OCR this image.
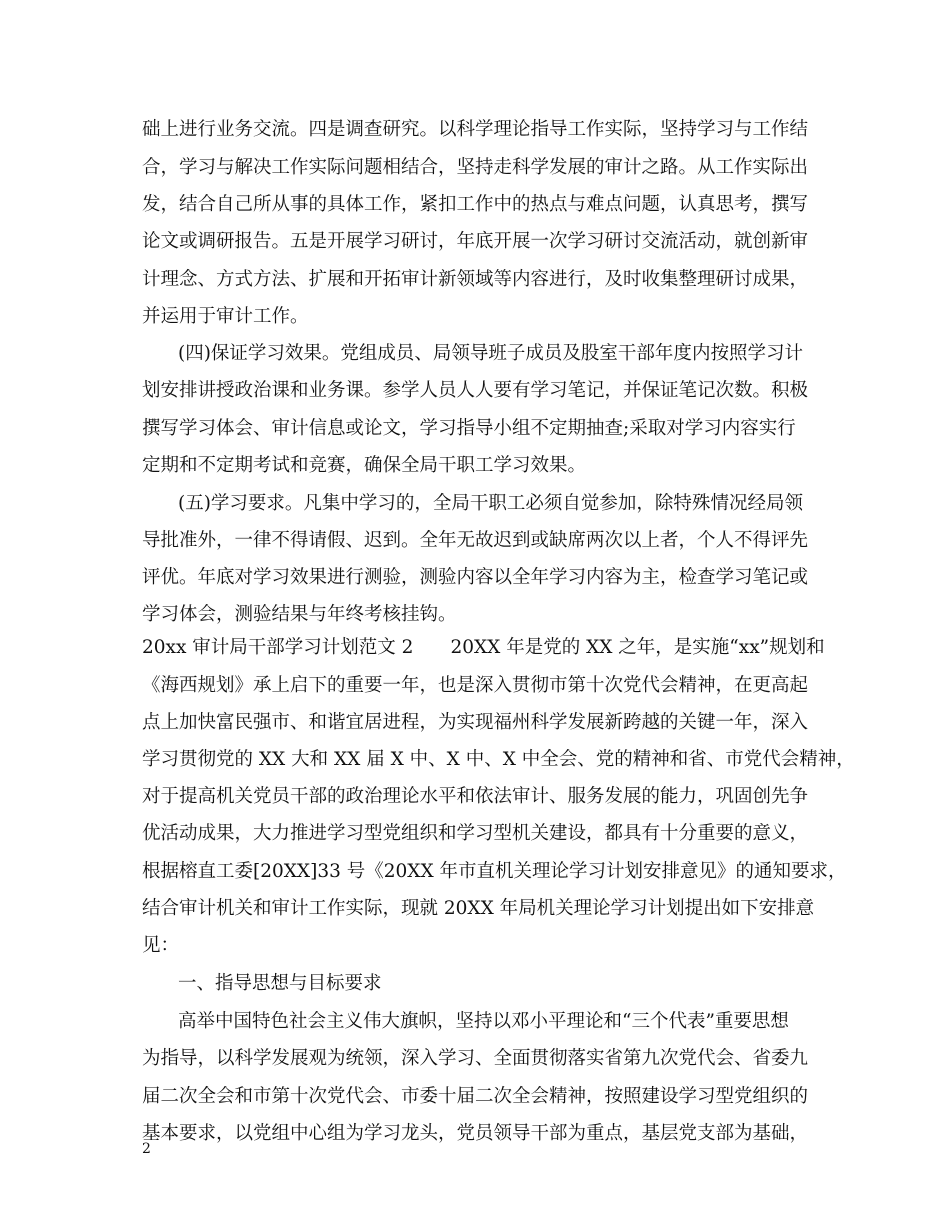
础上进行业务交流。四是调查研究。以科学理论指导工作实际，坚持学习与工作结
合，学习与解决工作实际问题相结合，坚持走科学发展的审计之路。从工作实际出
发，结合自己所从事的具体工作，紧扣工作中的热点与难点问题，认真思考，撰写
论文或调研报告。五是开展学习研讨，年底开展一次学习研讨交流活动，就创新审
计理念、方式方法、扩展和开拓审计新领域等内容进行，及时收集整理研讨成果，
并运用于审计工作。
(四)保证学习效果。党组成员、局领导班子成员及股室干部年度内按照学习计
划安排讲授政治课和业务课。参学人员人人要有学习笔记，并保证笔记次数。积极
撰写学习体会、审计信息或论文，学习指导小组不定期抽查;采取对学习内容实行
定期和不定期考试和竞赛，确保全局干职工学习效果。
(五)学习要求。凡集中学习的，全局干职工必须自觉参加，除特殊情况经局领
导批准外，一律不得请假、迟到。全年无故迟到或缺席两次以上者，个人不得评先
评优。年底对学习效果进行测验，测验内容以全年学习内容为主，检查学习笔记或
学习体会，测验结果与年终考核挂钩。
20xx 审计局干部学习计划范文 2　　20XX 年是党的 XX 之年，是实施“xx”规划和
《海西规划》承上启下的重要一年，也是深入贯彻市第十次党代会精神，在更高起
点上加快富民强市、和谐宜居进程，为实现福州科学发展新跨越的关键一年，深入
学习贯彻党的 XX 大和 XX 届 X 中、X 中、X 中全会、党的精神和省、市党代会精神，
对于提高机关党员干部的政治理论水平和依法审计、服务发展的能力，巩固创先争
优活动成果，大力推进学习型党组织和学习型机关建设，都具有十分重要的意义，
根据榕直工委[20XX]33 号《20XX 年市直机关理论学习计划安排意见》的通知要求，
结合审计机关和审计工作实际，现就 20XX 年局机关理论学习计划提出如下安排意
见：
一、指导思想与目标要求
高举中国特色社会主义伟大旗帜，坚持以邓小平理论和“三个代表”重要思想
为指导，以科学发展观为统领，深入学习、全面贯彻落实省第九次党代会、省委九
届二次全会和市第十次党代会、市委十届二次全会精神，按照建设学习型党组织的
基本要求，以党组中心组为学习龙头，党员领导干部为重点，基层党支部为基础，
2
